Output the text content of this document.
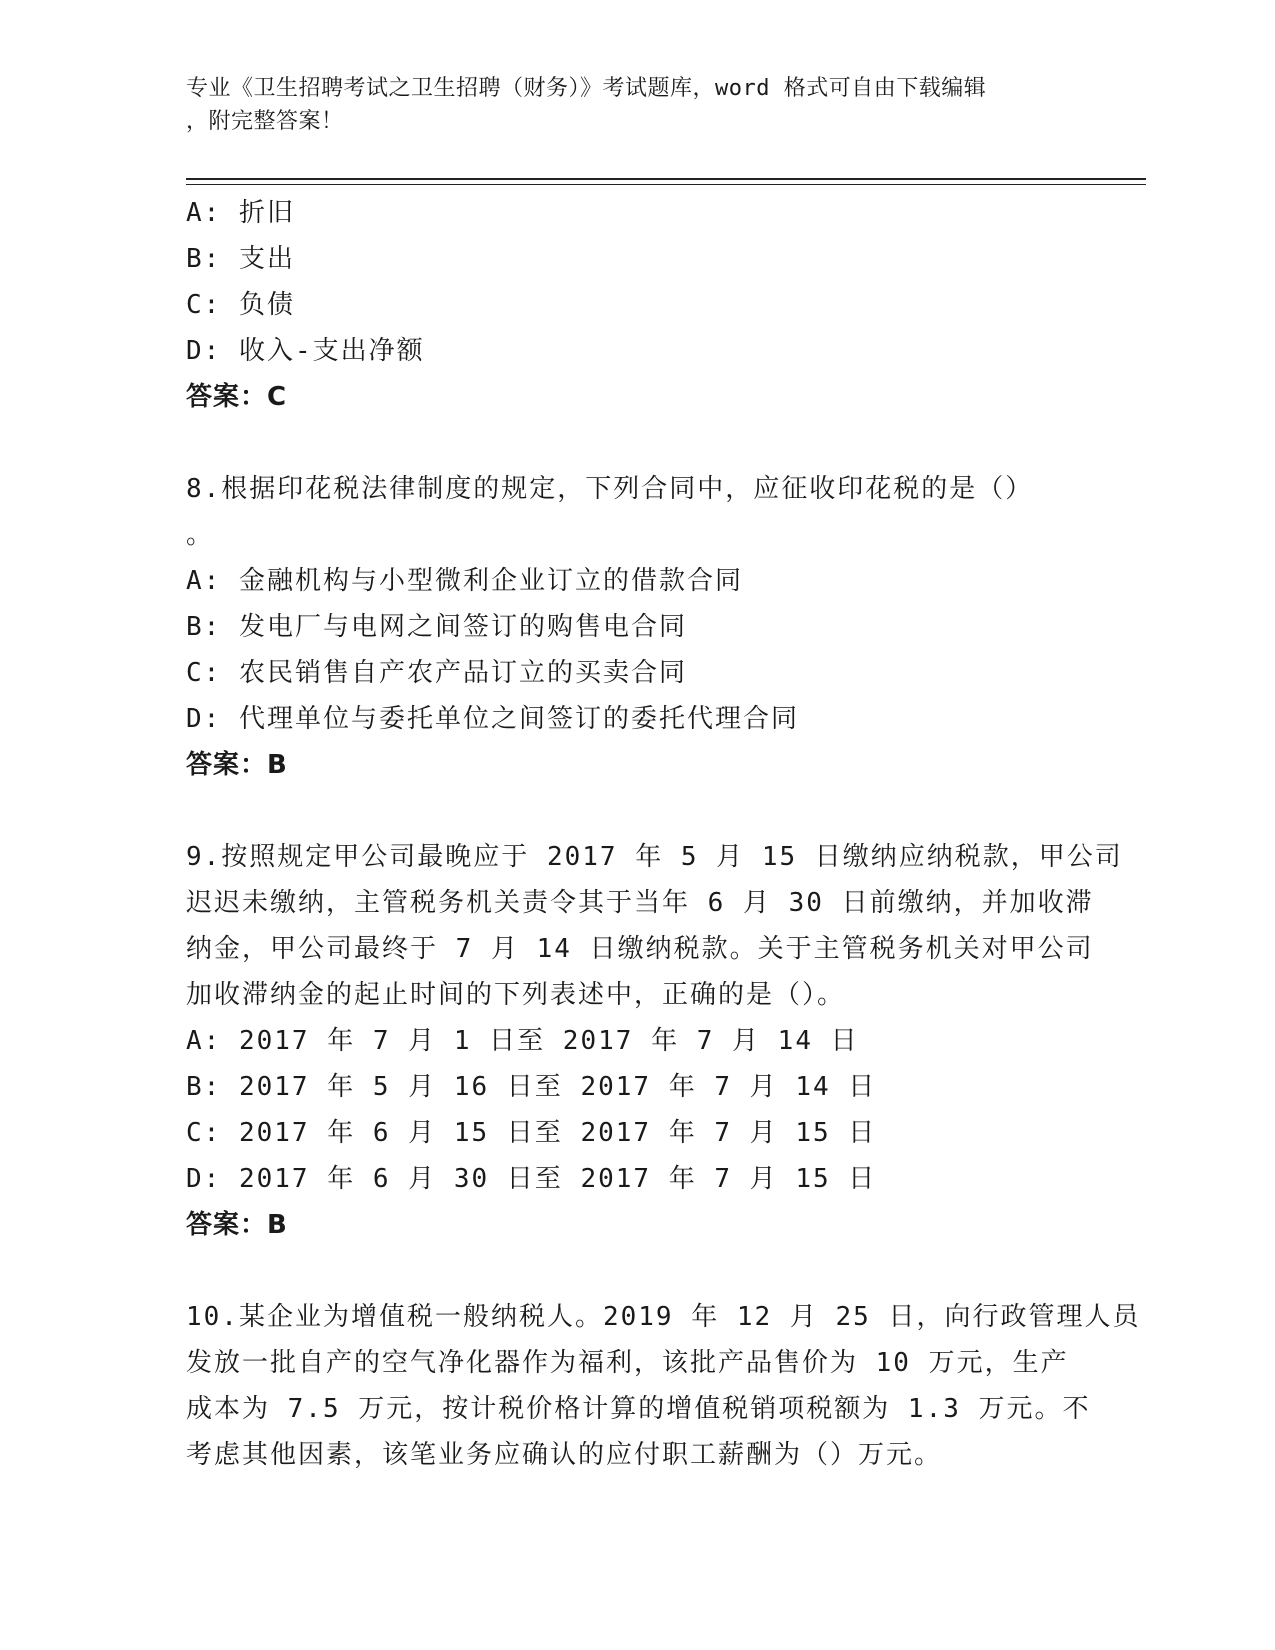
专业《卫生招聘考试之卫生招聘（财务）》考试题库，word 格式可自由下载编辑
，附完整答案！
A: 折旧
B: 支出
C: 负债
D: 收入-支出净额
答案：C
8.根据印花税法律制度的规定，下列合同中，应征收印花税的是（）
。
A: 金融机构与小型微利企业订立的借款合同
B: 发电厂与电网之间签订的购售电合同
C: 农民销售自产农产品订立的买卖合同
D: 代理单位与委托单位之间签订的委托代理合同
答案：B
9.按照规定甲公司最晚应于 2017 年 5 月 15 日缴纳应纳税款，甲公司
迟迟未缴纳，主管税务机关责令其于当年 6 月 30 日前缴纳，并加收滞
纳金，甲公司最终于 7 月 14 日缴纳税款。关于主管税务机关对甲公司
加收滞纳金的起止时间的下列表述中，正确的是（）。
A: 2017 年 7 月 1 日至 2017 年 7 月 14 日
B: 2017 年 5 月 16 日至 2017 年 7 月 14 日
C: 2017 年 6 月 15 日至 2017 年 7 月 15 日
D: 2017 年 6 月 30 日至 2017 年 7 月 15 日
答案：B
10.某企业为增值税一般纳税人。2019 年 12 月 25 日，向行政管理人员
发放一批自产的空气净化器作为福利，该批产品售价为 10 万元，生产
成本为 7.5 万元，按计税价格计算的增值税销项税额为 1.3 万元。不
考虑其他因素，该笔业务应确认的应付职工薪酬为（）万元。
